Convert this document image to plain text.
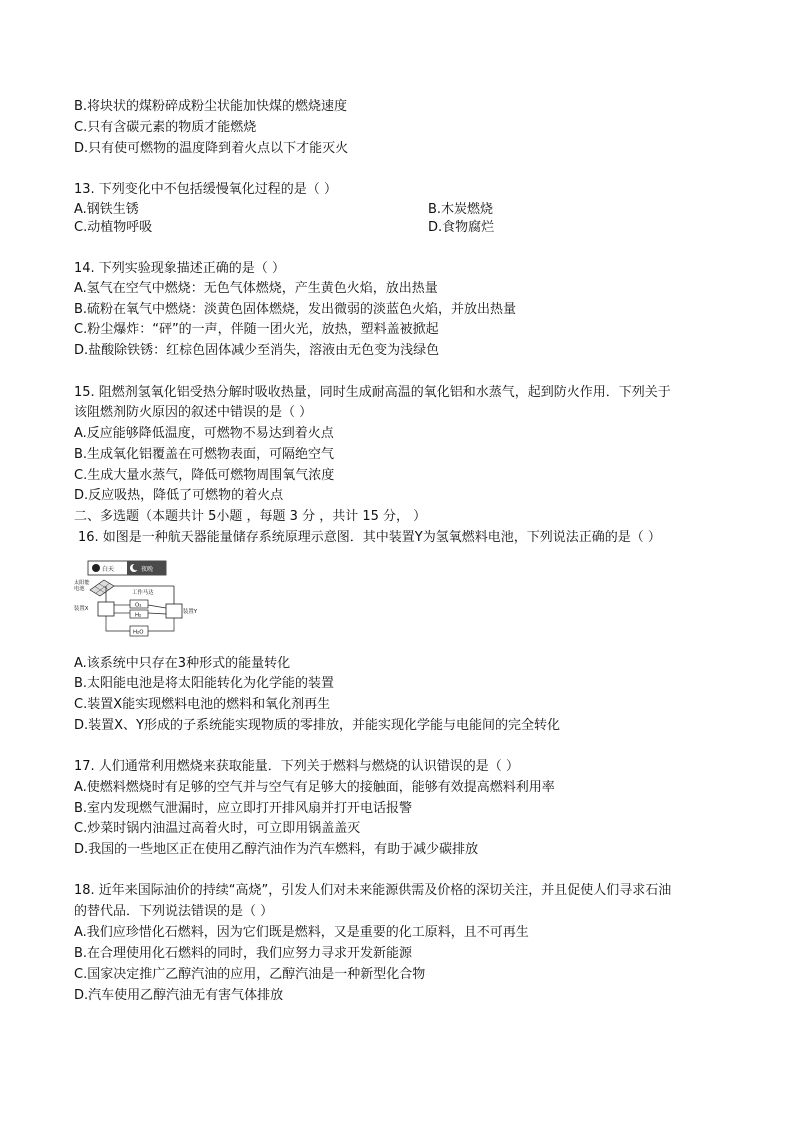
B.将块状的煤粉碎成粉尘状能加快煤的燃烧速度
C.只有含碳元素的物质才能燃烧
D.只有使可燃物的温度降到着火点以下才能灭火
13. 下列变化中不包括缓慢氧化过程的是（ ）
A.钢铁生锈	B.木炭燃烧
C.动植物呼吸	D.食物腐烂
14. 下列实验现象描述正确的是（ ）
A.氢气在空气中燃烧：无色气体燃烧，产生黄色火焰，放出热量
B.硫粉在氧气中燃烧：淡黄色固体燃烧，发出微弱的淡蓝色火焰，并放出热量
C.粉尘爆炸：“砰”的一声，伴随一团火光，放热，塑料盖被掀起
D.盐酸除铁锈：红棕色固体减少至消失，溶液由无色变为浅绿色
15. 阻燃剂氢氧化铝受热分解时吸收热量，同时生成耐高温的氧化铝和水蒸气，起到防火作用．下列关于
该阻燃剂防火原因的叙述中错误的是（ ）
A.反应能够降低温度，可燃物不易达到着火点
B.生成氧化铝覆盖在可燃物表面，可隔绝空气
C.生成大量水蒸气，降低可燃物周围氧气浓度
D.反应吸热，降低了可燃物的着火点
二、多选题（本题共计 5小题 ，每题 3 分 ，共计 15 分， ）
16. 如图是一种航天器能量储存系统原理示意图．其中装置Y为氢氧燃料电池，下列说法正确的是（ ）
白天	夜晚
太阳能
电池
工作马达
装置X	装置Y
O₂
H₂
H₂O
A.该系统中只存在3种形式的能量转化
B.太阳能电池是将太阳能转化为化学能的装置
C.装置X能实现燃料电池的燃料和氧化剂再生
D.装置X、Y形成的子系统能实现物质的零排放，并能实现化学能与电能间的完全转化
17. 人们通常利用燃烧来获取能量．下列关于燃料与燃烧的认识错误的是（ ）
A.使燃料燃烧时有足够的空气并与空气有足够大的接触面，能够有效提高燃料利用率
B.室内发现燃气泄漏时，应立即打开排风扇并打开电话报警
C.炒菜时锅内油温过高着火时，可立即用锅盖盖灭
D.我国的一些地区正在使用乙醇汽油作为汽车燃料，有助于减少碳排放
18. 近年来国际油价的持续“高烧”，引发人们对未来能源供需及价格的深切关注，并且促使人们寻求石油
的替代品．下列说法错误的是（ ）
A.我们应珍惜化石燃料，因为它们既是燃料，又是重要的化工原料，且不可再生
B.在合理使用化石燃料的同时，我们应努力寻求开发新能源
C.国家决定推广乙醇汽油的应用，乙醇汽油是一种新型化合物
D.汽车使用乙醇汽油无有害气体排放
